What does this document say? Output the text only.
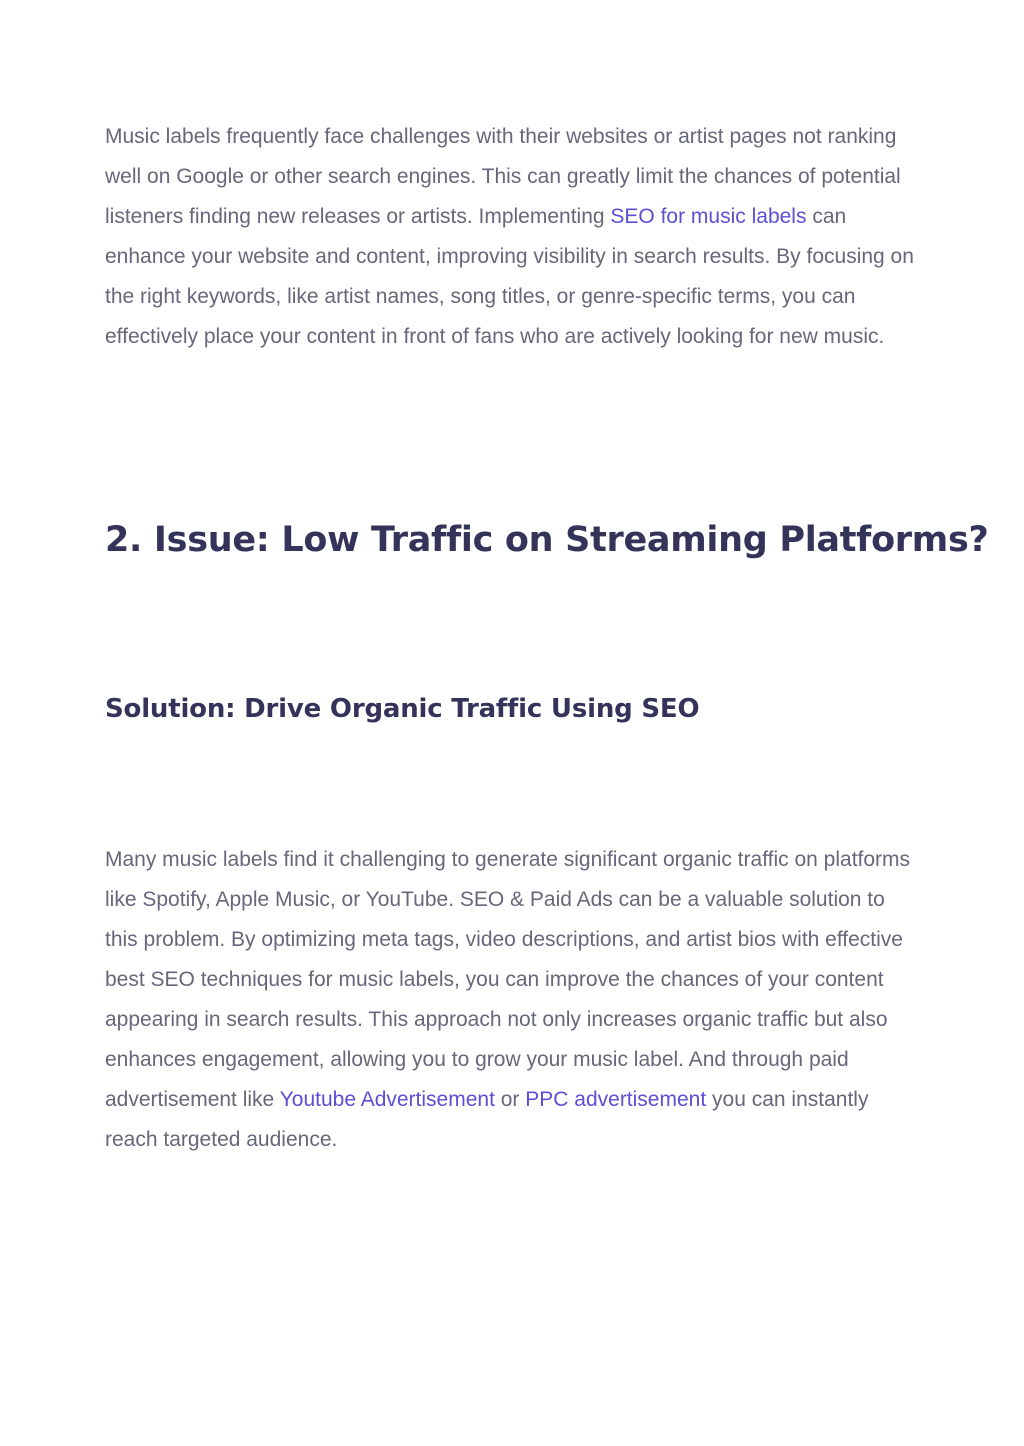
Music labels frequently face challenges with their websites or artist pages not ranking well on Google or other search engines. This can greatly limit the chances of potential listeners finding new releases or artists. Implementing SEO for music labels can enhance your website and content, improving visibility in search results. By focusing on the right keywords, like artist names, song titles, or genre-specific terms, you can effectively place your content in front of fans who are actively looking for new music.

2. Issue: Low Traffic on Streaming Platforms?
Solution: Drive Organic Traffic Using SEO

Many music labels find it challenging to generate significant organic traffic on platforms like Spotify, Apple Music, or YouTube. SEO & Paid Ads can be a valuable solution to this problem. By optimizing meta tags, video descriptions, and artist bios with effective best SEO techniques for music labels, you can improve the chances of your content appearing in search results. This approach not only increases organic traffic but also enhances engagement, allowing you to grow your music label. And through paid advertisement like Youtube Advertisement or PPC advertisement you can instantly reach targeted audience.
